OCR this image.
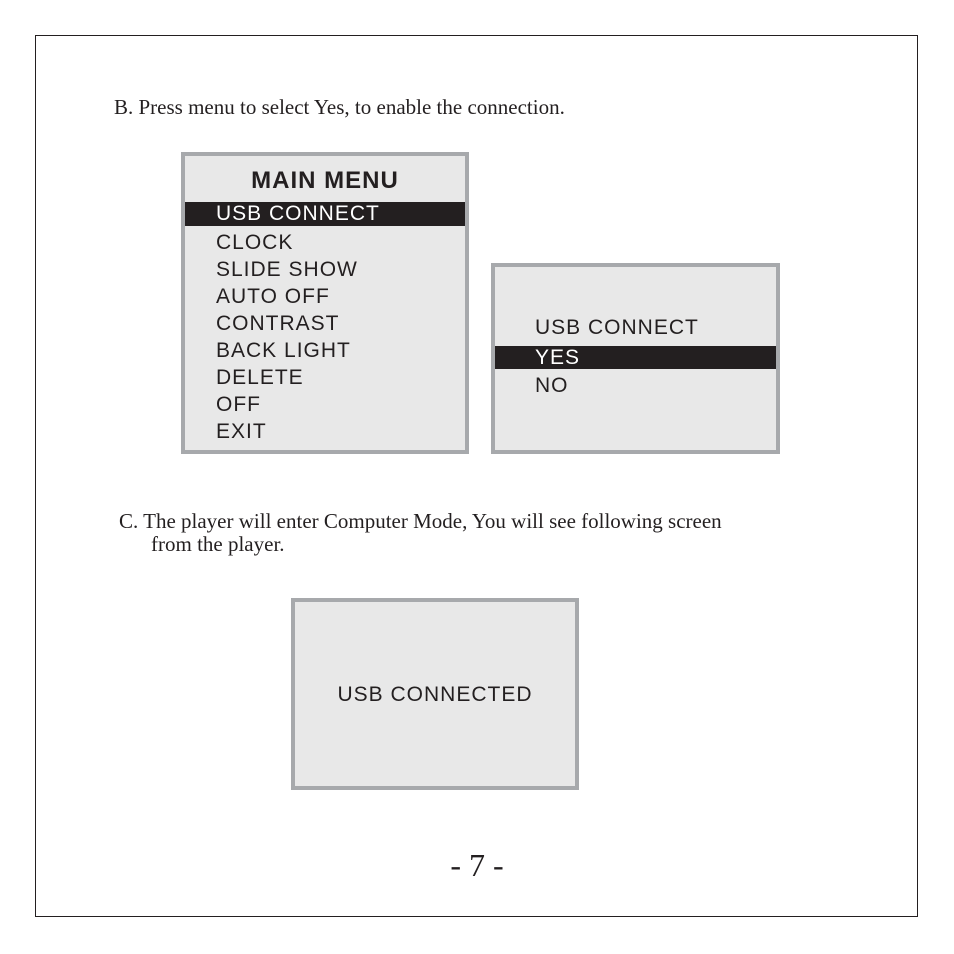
B. Press menu to select Yes, to enable the connection.
MAIN MENU
USB CONNECT
CLOCK
SLIDE SHOW
AUTO OFF
CONTRAST
BACK LIGHT
DELETE
OFF
EXIT
USB CONNECT
YES
NO
C. The player will enter Computer Mode, You will see following screen
from the player.
USB CONNECTED
- 7 -
